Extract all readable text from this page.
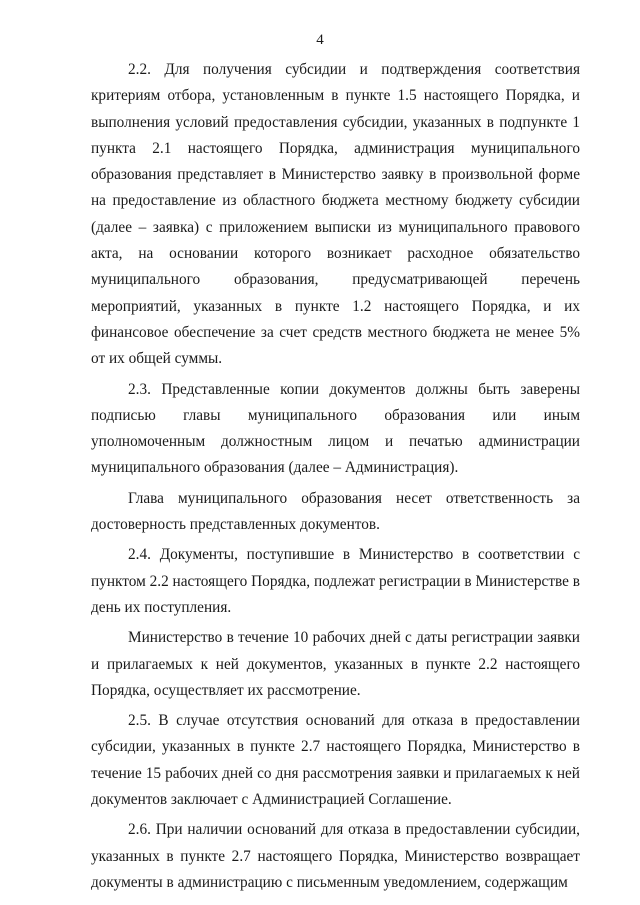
4

2.2. Для получения субсидии и подтверждения соответствия критериям отбора, установленным в пункте 1.5 настоящего Порядка, и выполнения условий предоставления субсидии, указанных в подпункте 1 пункта 2.1 настоящего Порядка, администрация муниципального образования представляет в Министерство заявку в произвольной форме на предоставление из областного бюджета местному бюджету субсидии (далее – заявка) с приложением выписки из муниципального правового акта, на основании которого возникает расходное обязательство муниципального образования, предусматривающей перечень мероприятий, указанных в пункте 1.2 настоящего Порядка, и их финансовое обеспечение за счет средств местного бюджета не менее 5% от их общей суммы.

2.3. Представленные копии документов должны быть заверены подписью главы муниципального образования или иным уполномоченным должностным лицом и печатью администрации муниципального образования (далее – Администрация).

Глава муниципального образования несет ответственность за достоверность представленных документов.

2.4. Документы, поступившие в Министерство в соответствии с пунктом 2.2 настоящего Порядка, подлежат регистрации в Министерстве в день их поступления.

Министерство в течение 10 рабочих дней с даты регистрации заявки и прилагаемых к ней документов, указанных в пункте 2.2 настоящего Порядка, осуществляет их рассмотрение.

2.5. В случае отсутствия оснований для отказа в предоставлении субсидии, указанных в пункте 2.7 настоящего Порядка, Министерство в течение 15 рабочих дней со дня рассмотрения заявки и прилагаемых к ней документов заключает с Администрацией Соглашение.

2.6. При наличии оснований для отказа в предоставлении субсидии, указанных в пункте 2.7 настоящего Порядка, Министерство возвращает документы в администрацию с письменным уведомлением, содержащим
